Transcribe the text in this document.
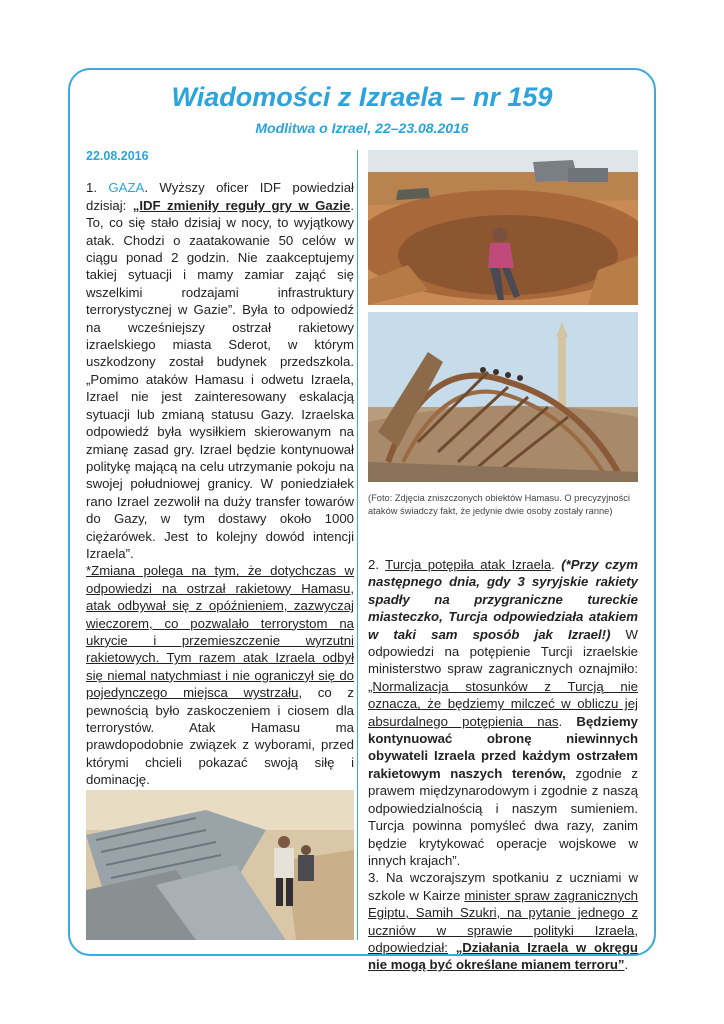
Wiadomości z Izraela – nr 159
Modlitwa o Izrael, 22–23.08.2016
22.08.2016

1. GAZA. Wyższy oficer IDF powiedział dzisiaj: „IDF zmieniły reguły gry w Gazie. To, co się stało dzisiaj w nocy, to wyjątkowy atak. Chodzi o zaatakowanie 50 celów w ciągu ponad 2 godzin. Nie zaakceptujemy takiej sytuacji i mamy zamiar zająć się wszelkimi rodzajami infrastruktury terrorystycznej w Gazie”. Była to odpowiedź na wcześniejszy ostrzał rakietowy izraelskiego miasta Sderot, w którym uszkodzony został budynek przedszkola. „Pomimo ataków Hamasu i odwetu Izraela, Izrael nie jest zainteresowany eskalacją sytuacji lub zmianą statusu Gazy. Izraelska odpowiedź była wysiłkiem skierowanym na zmianę zasad gry. Izrael będzie kontynuował politykę mającą na celu utrzymanie pokoju na swojej południowej granicy. W poniedziałek rano Izrael zezwolił na duży transfer towarów do Gazy, w tym dostawy około 1000 ciężarówek. Jest to kolejny dowód intencji Izraela”.

*Zmiana polega na tym, że dotychczas w odpowiedzi na ostrzał rakietowy Hamasu, atak odbywał się z opóźnieniem, zazwyczaj wieczorem, co pozwalało terrorystom na ukrycie i przemieszczenie wyrzutni rakietowych. Tym razem atak Izraela odbył się niemal natychmiast i nie ograniczył się do pojedynczego miejsca wystrzału, co z pewnością było zaskoczeniem i ciosem dla terrorystów. Atak Hamasu ma prawdopodobnie związek z wyborami, przed którymi chcieli pokazać swoją siłę i dominację.

(Foto: Zdjęcia zniszczonych obiektów Hamasu. O precyzyjności ataków świadczy fakt, że jedynie dwie osoby zostały ranne)

2. Turcja potępiła atak Izraela. (*Przy czym następnego dnia, gdy 3 syryjskie rakiety spadły na przygraniczne tureckie miasteczko, Turcja odpowiedziała atakiem w taki sam sposób jak Izrael!) W odpowiedzi na potępienie Turcji izraelskie ministerstwo spraw zagranicznych oznajmiło: „Normalizacja stosunków z Turcją nie oznacza, że będziemy milczeć w obliczu jej absurdalnego potępienia nas. Będziemy kontynuować obronę niewinnych obywateli Izraela przed każdym ostrzałem rakietowym naszych terenów, zgodnie z prawem międzynarodowym i zgodnie z naszą odpowiedzialnością i naszym sumieniem. Turcja powinna pomyśleć dwa razy, zanim będzie krytykować operacje wojskowe w innych krajach”.

3. Na wczorajszym spotkaniu z uczniami w szkole w Kairze minister spraw zagranicznych Egiptu, Samih Szukri, na pytanie jednego z uczniów w sprawie polityki Izraela, odpowiedział: „Działania Izraela w okręgu nie mogą być określane mianem terroru”.
